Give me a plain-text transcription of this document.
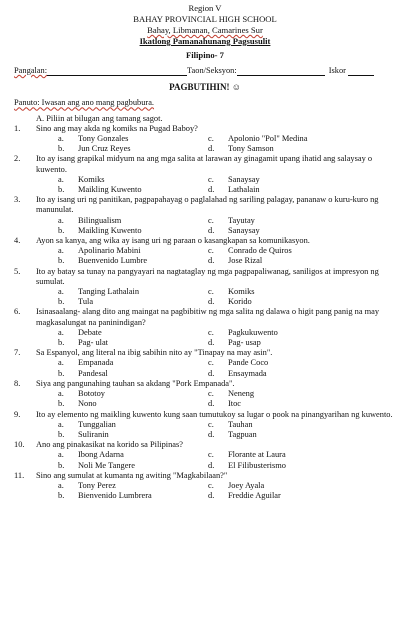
Region V
BAHAY PROVINCIAL HIGH SCHOOL
Bahay, Libmanan, Camarines Sur
Ikatlong Pamanahunang Pagsusulit
Filipino- 7
Pangalan:	Taon/Seksyon:	Iskor
PAGBUTIHIN! ☺
Panuto: Iwasan ang ano mang pagbubura.
A. Piliin at bilugan ang tamang sagot.
1.	Sino ang may akda ng komiks na Pugad Baboy?
a. Tony Gonzales	c. Apolonio "Pol" Medina
b. Jun Cruz Reyes	d. Tony Samson
2.	Ito ay isang grapikal midyum na ang mga salita at larawan ay ginagamit upang ihatid ang salaysay o kuwento.
a. Komiks	c. Sanaysay
b. Maikling Kuwento	d. Lathalain
3.	Ito ay isang uri ng panitikan, pagpapahayag o paglalahad ng sariling palagay, pananaw o kuru-kuro ng manunulat.
a. Bilingualism	c. Tayutay
b. Maikling Kuwento	d. Sanaysay
4.	Ayon sa kanya, ang wika ay isang uri ng paraan o kasangkapan sa komunikasyon.
a. Apolinario Mabini	c. Conrado de Quiros
b. Buenvenido Lumbre	d. Jose Rizal
5.	Ito ay batay sa tunay na pangyayari na nagtataglay ng mga pagpapaliwanag, saniligos at impresyon ng sumulat.
a. Tanging Lathalain	c. Komiks
b. Tula	d. Korido
6.	Isinasaalang- alang dito ang maingat na pagbibitiw ng mga salita ng dalawa o higit pang panig na may magkasalungat na paninindigan?
a. Debate	c. Pagkukuwento
b. Pag- ulat	d. Pag- usap
7.	Sa Espanyol, ang literal na ibig sabihin nito ay "Tinapay na may asin".
a. Empanada	c. Pande Coco
b. Pandesal	d. Ensaymada
8.	Siya ang pangunahing tauhan sa akdang "Pork Empanada".
a. Bototoy	c. Neneng
b. Nono	d. Itoc
9.	Ito ay elemento ng maikling kuwento kung saan tumutukoy sa lugar o pook na pinangyarihan ng kuwento.
a. Tunggalian	c. Tauhan
b. Suliranin	d. Tagpuan
10.	Ano ang pinakasikat na korido sa Pilipinas?
a. Ibong Adarna	c. Florante at Laura
b. Noli Me Tangere	d. El Filibusterismo
11.	Sino ang sumulat at kumanta ng awiting "Magkabilaan?"
a. Tony Perez	c. Joey Ayala
b. Bienvenido Lumbrera	d. Freddie Aguilar
